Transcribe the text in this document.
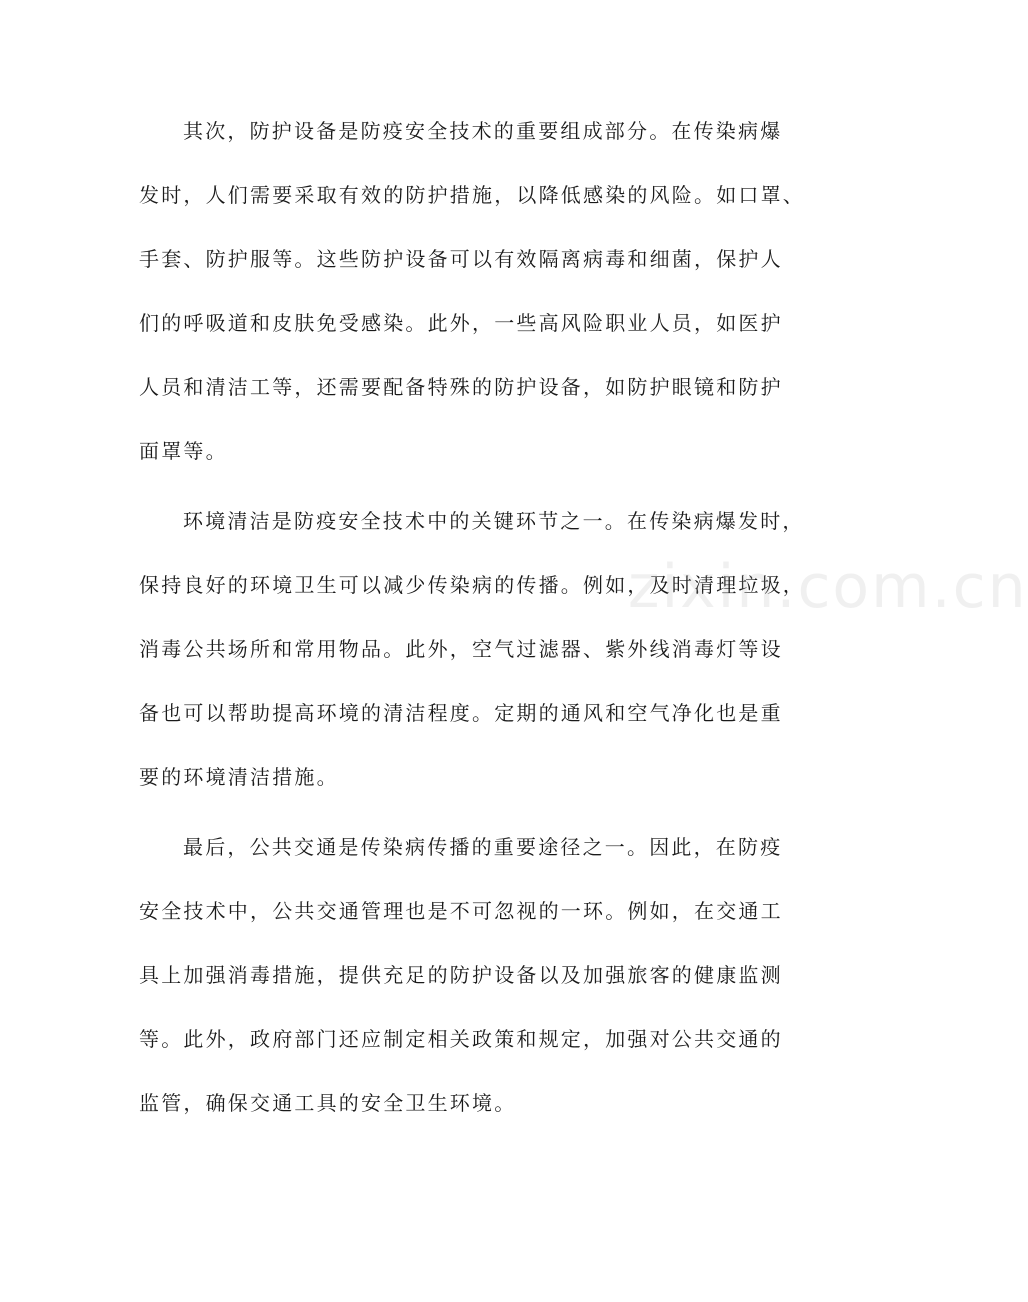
其次，防护设备是防疫安全技术的重要组成部分。在传染病爆
发时，人们需要采取有效的防护措施，以降低感染的风险。如口罩、
手套、防护服等。这些防护设备可以有效隔离病毒和细菌，保护人
们的呼吸道和皮肤免受感染。此外，一些高风险职业人员，如医护
人员和清洁工等，还需要配备特殊的防护设备，如防护眼镜和防护
面罩等。
环境清洁是防疫安全技术中的关键环节之一。在传染病爆发时，
保持良好的环境卫生可以减少传染病的传播。例如，及时清理垃圾，
消毒公共场所和常用物品。此外，空气过滤器、紫外线消毒灯等设
备也可以帮助提高环境的清洁程度。定期的通风和空气净化也是重
要的环境清洁措施。
最后，公共交通是传染病传播的重要途径之一。因此，在防疫
安全技术中，公共交通管理也是不可忽视的一环。例如，在交通工
具上加强消毒措施，提供充足的防护设备以及加强旅客的健康监测
等。此外，政府部门还应制定相关政策和规定，加强对公共交通的
监管，确保交通工具的安全卫生环境。
zixin.com.cn
